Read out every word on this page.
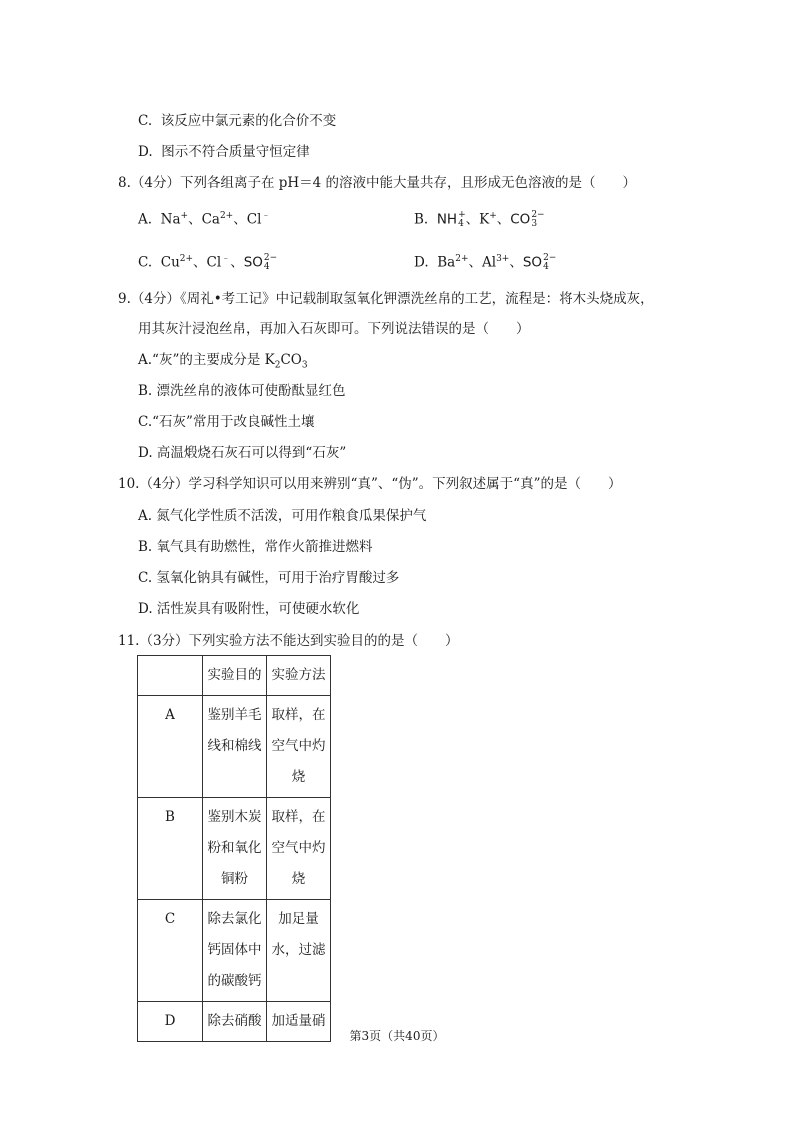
C. 该反应中氯元素的化合价不变
D. 图示不符合质量守恒定律
8.（4分）下列各组离子在 pH＝4 的溶液中能大量共存，且形成无色溶液的是（　　）
A. Na+、$Ca^{2+}$、Cl﹣	B. NH +
4 、K+、CO 2−
3
C. $Cu^{2+}$、Cl﹣、SO 2−
4	D. $Ba^{2+}$、$Al^{3+}$、SO 2−
4
9.（4分）《周礼•考工记》中记载制取氢氧化钾漂洗丝帛的工艺，流程是：将木头烧成灰，
用其灰汁浸泡丝帛，再加入石灰即可。下列说法错误的是（　　）
A.“灰”的主要成分是 $K_2CO_3$
B. 漂洗丝帛的液体可使酚酞显红色
C.“石灰”常用于改良碱性土壤
D. 高温煅烧石灰石可以得到“石灰”
10.（4分）学习科学知识可以用来辨别“真”、“伪”。下列叙述属于“真”的是（　　）
A. 氮气化学性质不活泼，可用作粮食瓜果保护气
B. 氧气具有助燃性，常作火箭推进燃料
C. 氢氧化钠具有碱性，可用于治疗胃酸过多
D. 活性炭具有吸附性，可使硬水软化
11.（3分）下列实验方法不能达到实验目的的是（　　）
	实验目的	实验方法
A	鉴别羊毛线和棉线	取样，在空气中灼烧
B	鉴别木炭粉和氧化铜粉	取样，在空气中灼烧
C	除去氯化钙固体中的碳酸钙	加足量水，过滤
D	除去硝酸	加适量硝
第3页（共40页）
